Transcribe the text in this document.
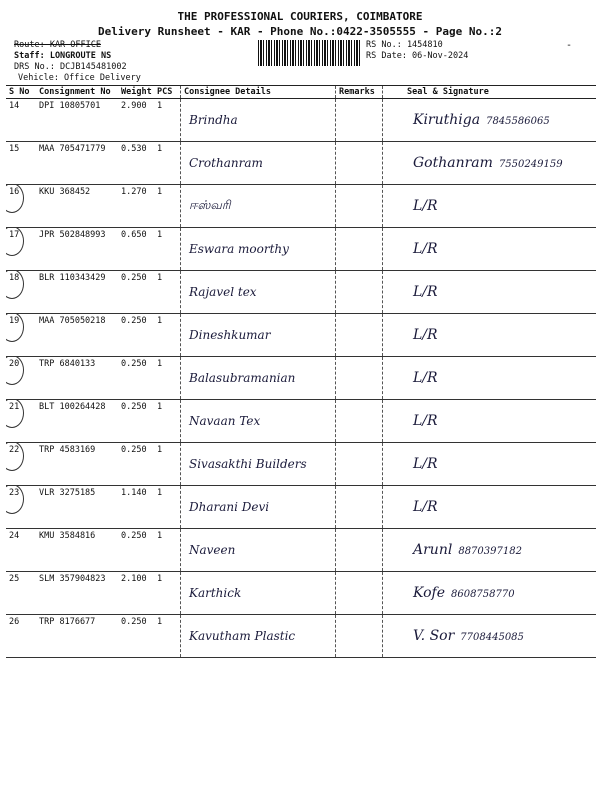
THE PROFESSIONAL COURIERS, COIMBATORE
Delivery Runsheet - KAR - Phone No.:0422-3505555 - Page No.:2
Route: KAR OFFICE
Staff: LONGROUTE NS
DRS No.: DCJB145481002
Vehicle: Office Delivery
RS No.: 1454810
RS Date: 06-Nov-2024
-
S No	Consignment No	Weight	PCS	Consignee Details	Remarks	Seal & Signature
14	DPI 10805701	2.900	1	Brindha		Kiruthiga 7845586065
15	MAA 705471779	0.530	1	Crothanram		Gothanram 7550249159
16	KKU 368452	1.270	1	ஈஸ்வரி		L/R
17	JPR 502848993	0.650	1	Eswara moorthy		L/R
18	BLR 110343429	0.250	1	Rajavel tex		L/R
19	MAA 705050218	0.250	1	Dineshkumar		L/R
20	TRP 6840133	0.250	1	Balasubramanian		L/R
21	BLT 100264428	0.250	1	Navaan Tex		L/R
22	TRP 4583169	0.250	1	Sivasakthi Builders		L/R
23	VLR 3275185	1.140	1	Dharani Devi		L/R
24	KMU 3584816	0.250	1	Naveen		Arunl 8870397182
25	SLM 357904823	2.100	1	Karthick		Kofe 8608758770
26	TRP 8176677	0.250	1	Kavutham Plastic		V. Sor 7708445085
